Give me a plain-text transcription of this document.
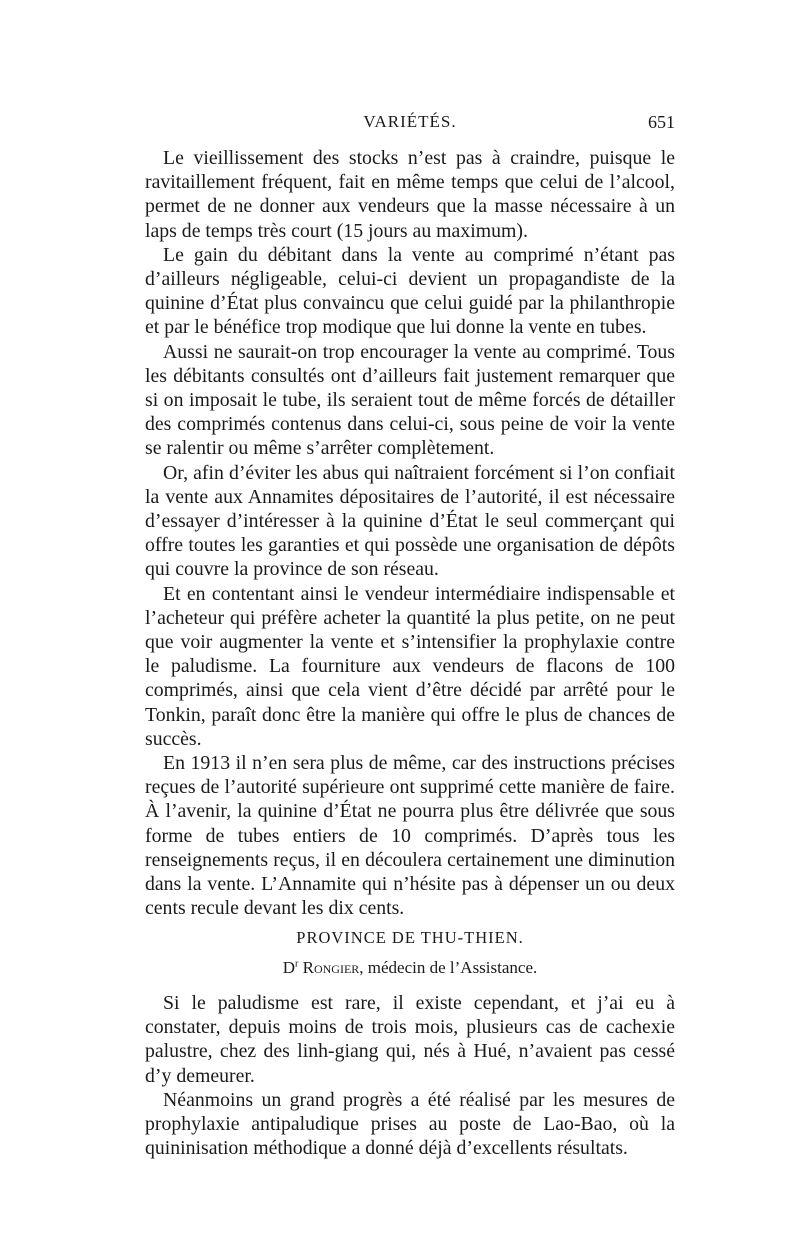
VARIÉTÉS.	651

Le vieillissement des stocks n’est pas à craindre, puisque le ravitaillement fréquent, fait en même temps que celui de l’alcool, permet de ne donner aux vendeurs que la masse nécessaire à un laps de temps très court (15 jours au maximum).

Le gain du débitant dans la vente au comprimé n’étant pas d’ailleurs négligeable, celui-ci devient un propagandiste de la quinine d’État plus convaincu que celui guidé par la philanthropie et par le bénéfice trop modique que lui donne la vente en tubes.

Aussi ne saurait-on trop encourager la vente au comprimé. Tous les débitants consultés ont d’ailleurs fait justement remarquer que si on imposait le tube, ils seraient tout de même forcés de détailler des comprimés contenus dans celui-ci, sous peine de voir la vente se ralentir ou même s’arrêter complètement.

Or, afin d’éviter les abus qui naîtraient forcément si l’on confiait la vente aux Annamites dépositaires de l’autorité, il est nécessaire d’essayer d’intéresser à la quinine d’État le seul commerçant qui offre toutes les garanties et qui possède une organisation de dépôts qui couvre la province de son réseau.

Et en contentant ainsi le vendeur intermédiaire indispensable et l’acheteur qui préfère acheter la quantité la plus petite, on ne peut que voir augmenter la vente et s’intensifier la prophylaxie contre le paludisme. La fourniture aux vendeurs de flacons de 100 comprimés, ainsi que cela vient d’être décidé par arrêté pour le Tonkin, paraît donc être la manière qui offre le plus de chances de succès.

En 1913 il n’en sera plus de même, car des instructions précises reçues de l’autorité supérieure ont supprimé cette manière de faire. À l’avenir, la quinine d’État ne pourra plus être délivrée que sous forme de tubes entiers de 10 comprimés. D’après tous les renseignements reçus, il en découlera certainement une diminution dans la vente. L’Annamite qui n’hésite pas à dépenser un ou deux cents recule devant les dix cents.

PROVINCE DE THU-THIEN.
$D^r$ Rongier, médecin de l’Assistance.

Si le paludisme est rare, il existe cependant, et j’ai eu à constater, depuis moins de trois mois, plusieurs cas de cachexie palustre, chez des linh-giang qui, nés à Hué, n’avaient pas cessé d’y demeurer.

Néanmoins un grand progrès a été réalisé par les mesures de prophylaxie antipaludique prises au poste de Lao-Bao, où la quininisation méthodique a donné déjà d’excellents résultats.
